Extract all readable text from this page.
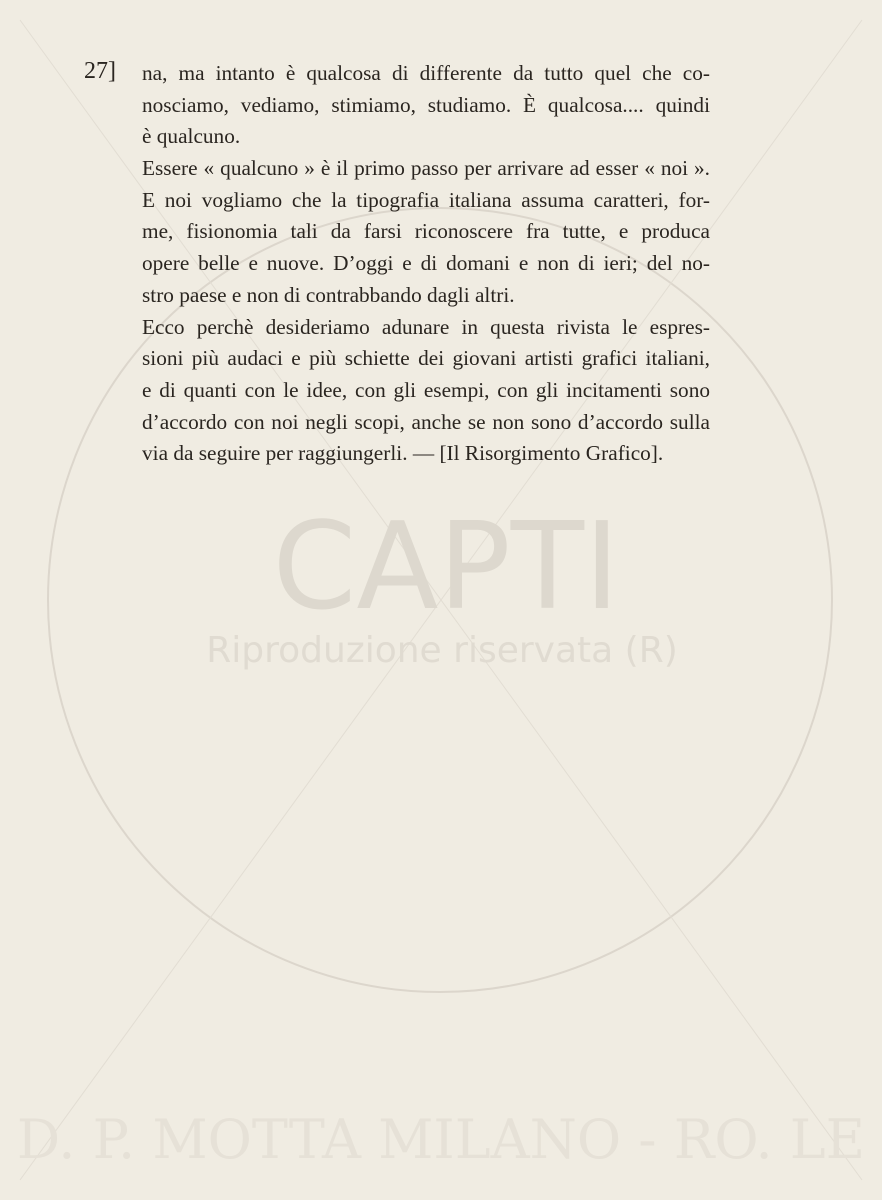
CAPTI
Riproduzione riservata (R)
D. P. MOTTA MILANO - RO. LE
27] na, ma intanto è qualcosa di differente da tutto quel che co-
nosciamo, vediamo, stimiamo, studiamo. È qualcosa.... quindi
è qualcuno.
Essere « qualcuno » è il primo passo per arrivare ad esser « noi ».
E noi vogliamo che la tipografia italiana assuma caratteri, for-
me, fisionomia tali da farsi riconoscere fra tutte, e produca
opere belle e nuove. D’oggi e di domani e non di ieri; del no-
stro paese e non di contrabbando dagli altri.
Ecco perchè desideriamo adunare in questa rivista le espres-
sioni più audaci e più schiette dei giovani artisti grafici italiani,
e di quanti con le idee, con gli esempi, con gli incitamenti sono
d’accordo con noi negli scopi, anche se non sono d’accordo sulla
via da seguire per raggiungerli. — [Il Risorgimento Grafico].
